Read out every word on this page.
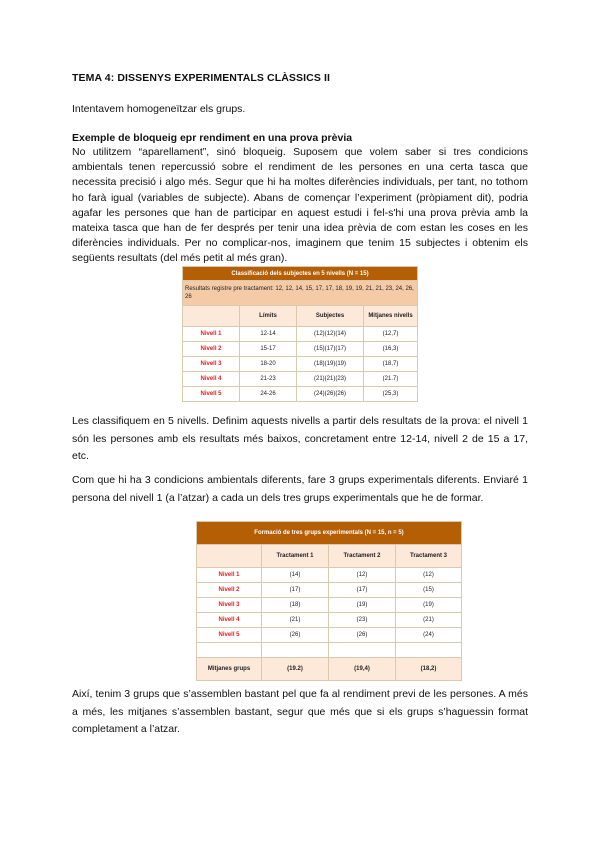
TEMA 4: DISSENYS EXPERIMENTALS CLÀSSICS II

Intentavem homogeneïtzar els grups.

Exemple de bloqueig epr rendiment en una prova prèvia

No utilitzem “aparellament”, sinó bloqueig. Suposem que volem saber si tres condicions ambientals tenen repercussió sobre el rendiment de les persones en una certa tasca que necessita precisió i algo més. Segur que hi ha moltes diferències individuals, per tant, no tothom ho farà igual (variables de subjecte). Abans de començar l’experiment (pròpiament dit), podria agafar les persones que han de participar en aquest estudi i fel-s'hi una prova prèvia amb la mateixa tasca que han de fer després per tenir una idea prèvia de com estan les coses en les diferències individuals. Per no complicar-nos, imaginem que tenim 15 subjectes i obtenim els següents resultats (del més petit al més gran).

Classificació dels subjectes en 5 nivells (N = 15)			
Resultats registre pre tractament: 12, 12, 14, 15, 17, 17, 18, 19, 19, 21, 21, 23, 24, 26, 26			
	Límits	Subjectes	Mitjanes nivells
Nivell 1	12-14	(12)(12)(14)	(12,7)
Nivell 2	15-17	(15)(17)(17)	(16,3)
Nivell 3	18-20	(18)(19)(19)	(18,7)
Nivell 4	21-23	(21)(21)(23)	(21.7)
Nivell 5	24-26	(24)(26)(26)	(25,3)

Les classifiquem en 5 nivells. Definim aquests nivells a partir dels resultats de la prova: el nivell 1 són les persones amb els resultats més baixos, concretament entre 12-14, nivell 2 de 15 a 17, etc.

Com que hi ha 3 condicions ambientals diferents, fare 3 grups experimentals diferents. Enviaré 1 persona del nivell 1 (a l’atzar) a cada un dels tres grups experimentals que he de formar.

Formació de tres grups experimentals (N = 15, n = 5)			
	Tractament 1	Tractament 2	Tractament 3
Nivell 1	(14)	(12)	(12)
Nivell 2	(17)	(17)	(15)
Nivell 3	(18)	(19)	(19)
Nivell 4	(21)	(23)	(21)
Nivell 5	(26)	(26)	(24)

Mitjanes grups	(19.2)	(19,4)	(18,2)

Així, tenim 3 grups que s’assemblen bastant pel que fa al rendiment previ de les persones. A més a més, les mitjanes s’assemblen bastant, segur que més que si els grups s’haguessin format completament a l’atzar.
